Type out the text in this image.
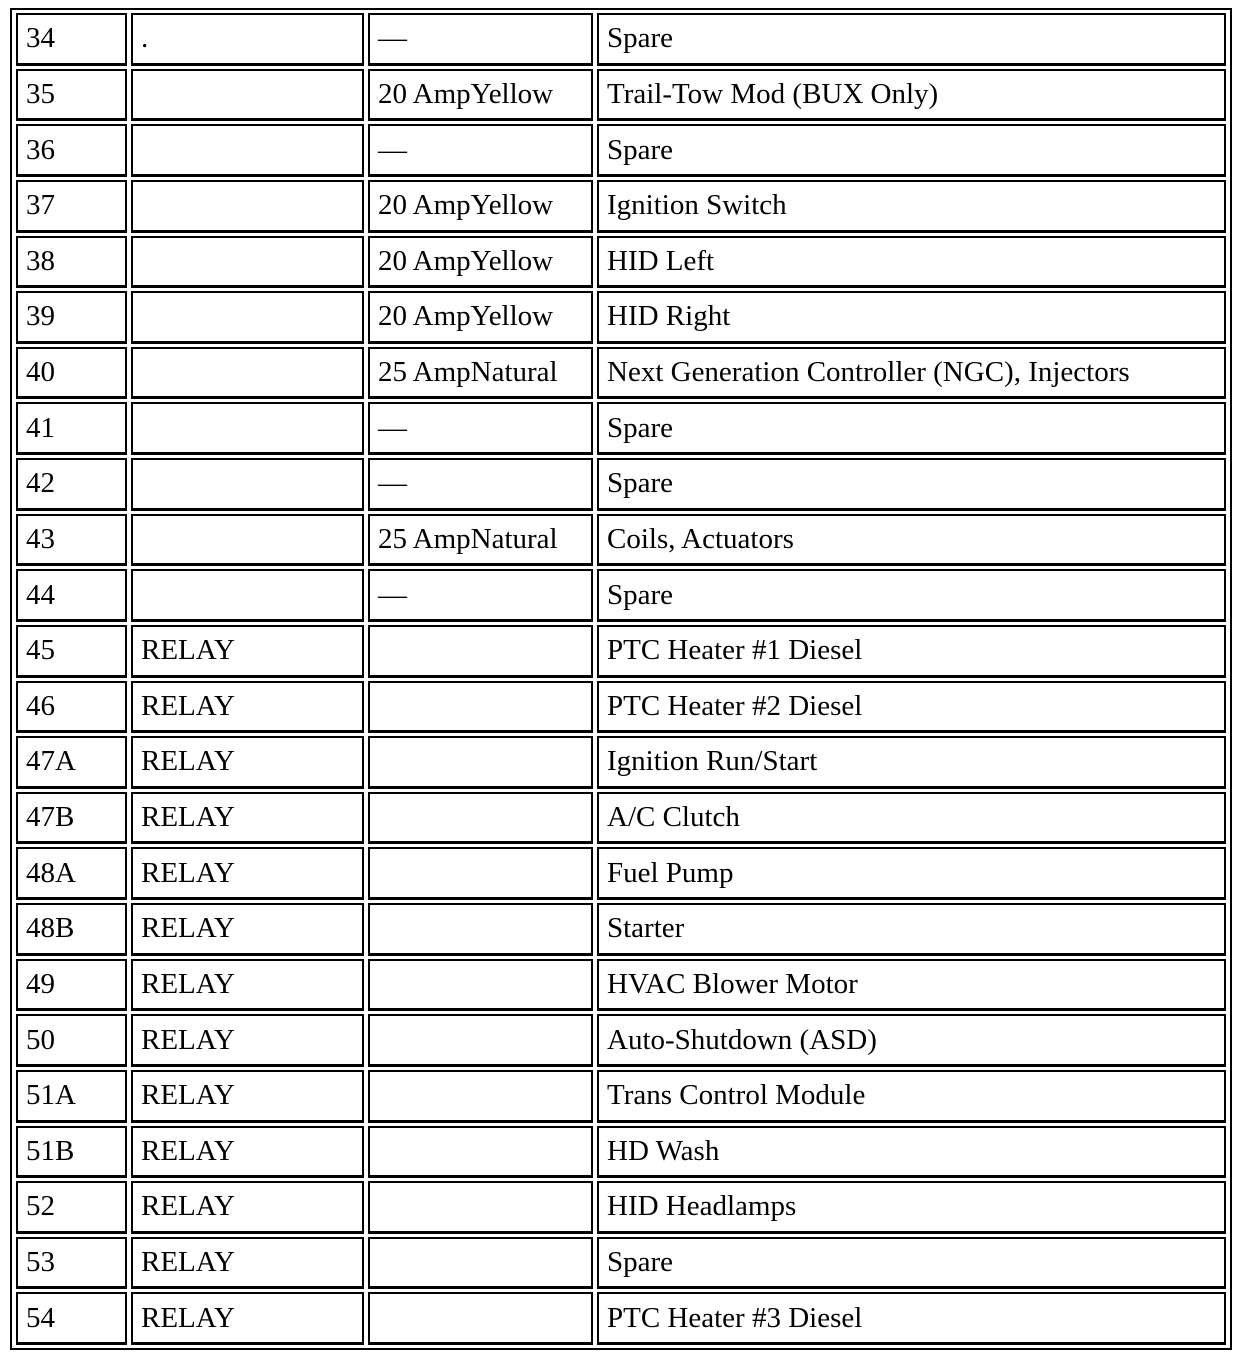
34	.	—	Spare
35		20 AmpYellow	Trail-Tow Mod (BUX Only)
36		—	Spare
37		20 AmpYellow	Ignition Switch
38		20 AmpYellow	HID Left
39		20 AmpYellow	HID Right
40		25 AmpNatural	Next Generation Controller (NGC), Injectors
41		—	Spare
42		—	Spare
43		25 AmpNatural	Coils, Actuators
44		—	Spare
45	RELAY		PTC Heater #1 Diesel
46	RELAY		PTC Heater #2 Diesel
47A	RELAY		Ignition Run/Start
47B	RELAY		A/C Clutch
48A	RELAY		Fuel Pump
48B	RELAY		Starter
49	RELAY		HVAC Blower Motor
50	RELAY		Auto-Shutdown (ASD)
51A	RELAY		Trans Control Module
51B	RELAY		HD Wash
52	RELAY		HID Headlamps
53	RELAY		Spare
54	RELAY		PTC Heater #3 Diesel
